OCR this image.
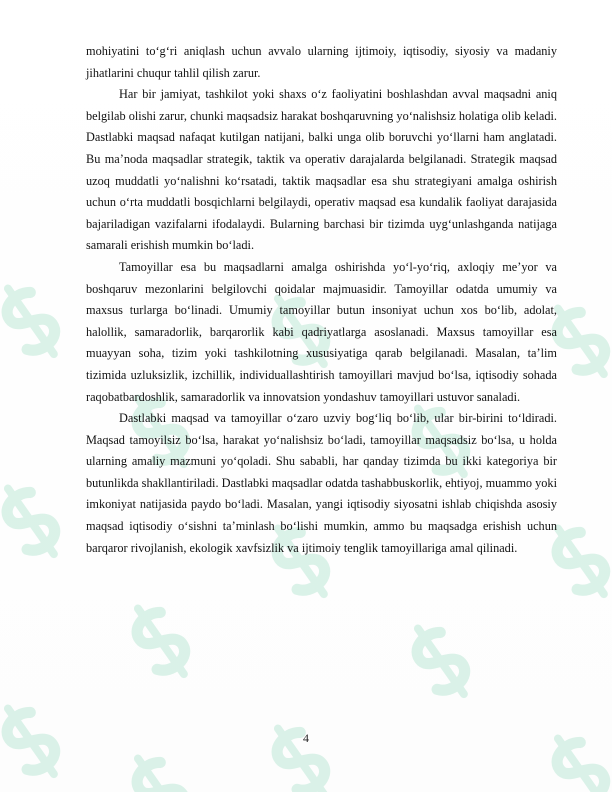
mohiyatini to‘g‘ri aniqlash uchun avvalo ularning ijtimoiy, iqtisodiy, siyosiy va madaniy jihatlarini chuqur tahlil qilish zarur.

Har bir jamiyat, tashkilot yoki shaxs o‘z faoliyatini boshlashdan avval maqsadni aniq belgilab olishi zarur, chunki maqsadsiz harakat boshqaruvning yo‘nalishsiz holatiga olib keladi. Dastlabki maqsad nafaqat kutilgan natijani, balki unga olib boruvchi yo‘llarni ham anglatadi. Bu ma’noda maqsadlar strategik, taktik va operativ darajalarda belgilanadi. Strategik maqsad uzoq muddatli yo‘nalishni ko‘rsatadi, taktik maqsadlar esa shu strategiyani amalga oshirish uchun o‘rta muddatli bosqichlarni belgilaydi, operativ maqsad esa kundalik faoliyat darajasida bajariladigan vazifalarni ifodalaydi. Bularning barchasi bir tizimda uyg‘unlashganda natijaga samarali erishish mumkin bo‘ladi.

Tamoyillar esa bu maqsadlarni amalga oshirishda yo‘l-yo‘riq, axloqiy me’yor va boshqaruv mezonlarini belgilovchi qoidalar majmuasidir. Tamoyillar odatda umumiy va maxsus turlarga bo‘linadi. Umumiy tamoyillar butun insoniyat uchun xos bo‘lib, adolat, halollik, samaradorlik, barqarorlik kabi qadriyatlarga asoslanadi. Maxsus tamoyillar esa muayyan soha, tizim yoki tashkilotning xususiyatiga qarab belgilanadi. Masalan, ta’lim tizimida uzluksizlik, izchillik, individuallashtirish tamoyillari mavjud bo‘lsa, iqtisodiy sohada raqobatbardoshlik, samaradorlik va innovatsion yondashuv tamoyillari ustuvor sanaladi.

Dastlabki maqsad va tamoyillar o‘zaro uzviy bog‘liq bo‘lib, ular bir-birini to‘ldiradi. Maqsad tamoyilsiz bo‘lsa, harakat yo‘nalishsiz bo‘ladi, tamoyillar maqsadsiz bo‘lsa, u holda ularning amaliy mazmuni yo‘qoladi. Shu sababli, har qanday tizimda bu ikki kategoriya bir butunlikda shakllantiriladi. Dastlabki maqsadlar odatda tashabbuskorlik, ehtiyoj, muammo yoki imkoniyat natijasida paydo bo‘ladi. Masalan, yangi iqtisodiy siyosatni ishlab chiqishda asosiy maqsad iqtisodiy o‘sishni ta’minlash bo‘lishi mumkin, ammo bu maqsadga erishish uchun barqaror rivojlanish, ekologik xavfsizlik va ijtimoiy tenglik tamoyillariga amal qilinadi.

4
